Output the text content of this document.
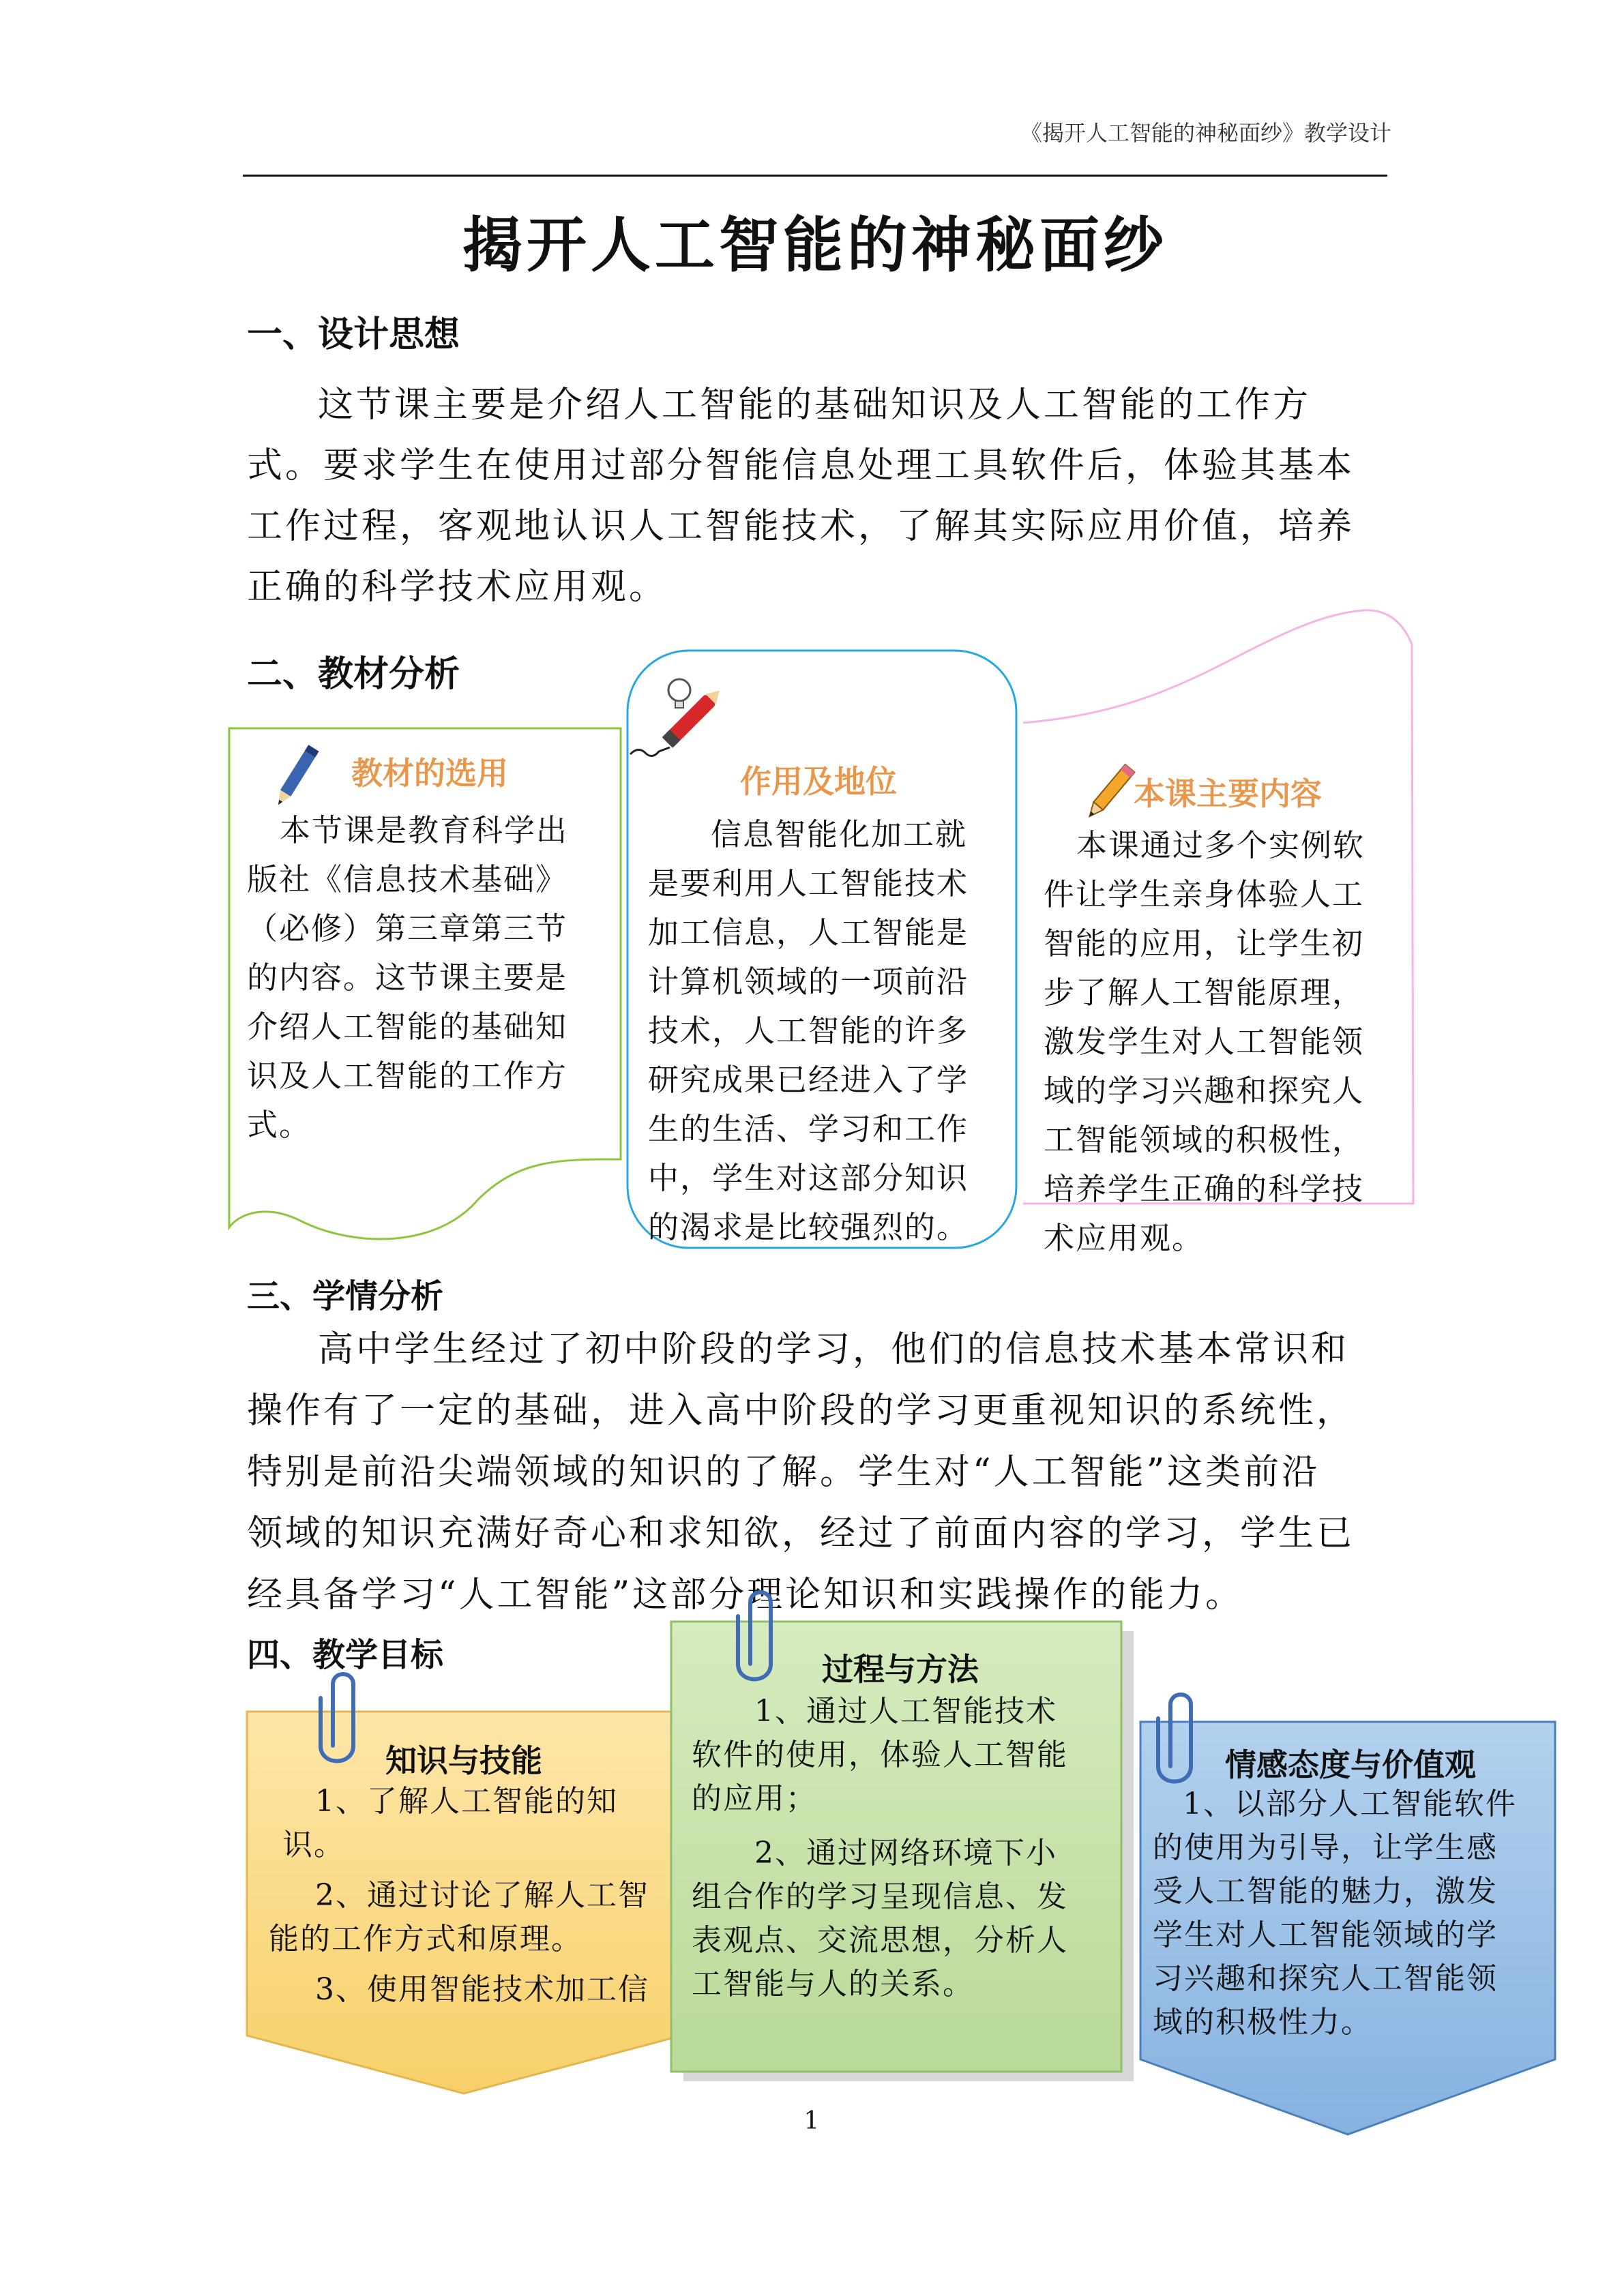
《揭开人工智能的神秘面纱》教学设计
揭开人工智能的神秘面纱
一、设计思想
这节课主要是介绍人工智能的基础知识及人工智能的工作方
式。要求学生在使用过部分智能信息处理工具软件后，体验其基本
工作过程，客观地认识人工智能技术，了解其实际应用价值，培养
正确的科学技术应用观。
二、教材分析
教材的选用
本节课是教育科学出
版社《信息技术基础》
（必修）第三章第三节
的内容。这节课主要是
介绍人工智能的基础知
识及人工智能的工作方
式。
作用及地位
信息智能化加工就
是要利用人工智能技术
加工信息，人工智能是
计算机领域的一项前沿
技术，人工智能的许多
研究成果已经进入了学
生的生活、学习和工作
中，学生对这部分知识
的渴求是比较强烈的。
本课主要内容
本课通过多个实例软
件让学生亲身体验人工
智能的应用，让学生初
步了解人工智能原理，
激发学生对人工智能领
域的学习兴趣和探究人
工智能领域的积极性，
培养学生正确的科学技
术应用观。
三、学情分析
高中学生经过了初中阶段的学习，他们的信息技术基本常识和
操作有了一定的基础，进入高中阶段的学习更重视知识的系统性，
特别是前沿尖端领域的知识的了解。学生对“人工智能”这类前沿
领域的知识充满好奇心和求知欲，经过了前面内容的学习，学生已
经具备学习“人工智能”这部分理论知识和实践操作的能力。
四、教学目标
知识与技能
1、了解人工智能的知
识。
2、通过讨论了解人工智
能的工作方式和原理。
3、使用智能技术加工信
过程与方法
1、通过人工智能技术
软件的使用，体验人工智能
的应用；
2、通过网络环境下小
组合作的学习呈现信息、发
表观点、交流思想，分析人
工智能与人的关系。
情感态度与价值观
1、以部分人工智能软件
的使用为引导，让学生感
受人工智能的魅力，激发
学生对人工智能领域的学
习兴趣和探究人工智能领
域的积极性力。
1
